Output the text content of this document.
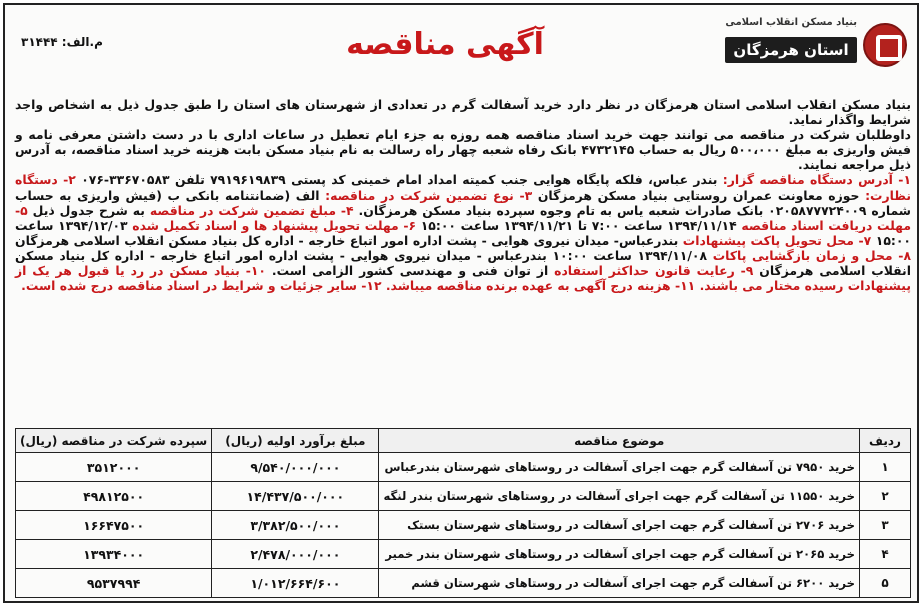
بنیاد مسکن انقلاب اسلامی
استان هرمزگان
آگهی مناقصه
م.الف: ۳۱۴۴۴

بنیاد مسکن انقلاب اسلامی استان هرمزگان در نظر دارد خرید آسفالت گرم در تعدادی از شهرستان های استان را طبق جدول ذیل به اشخاص واجد شرایط واگذار نماید.

داوطلبان شرکت در مناقصه می توانند جهت خرید اسناد مناقصه همه روزه به جزء ایام تعطیل در ساعات اداری با در دست داشتن معرفی نامه و فیش واریزی به مبلغ ۵۰۰،۰۰۰ ریال به حساب ۴۷۳۲۱۴۵ بانک رفاه شعبه چهار راه رسالت به نام بنیاد مسکن بابت هزینه خرید اسناد مناقصه، به آدرس ذیل مراجعه نمایند.

۱- آدرس دستگاه مناقصه گزار: بندر عباس، فلکه پایگاه هوایی جنب کمیته امداد امام خمینی کد پستی ۷۹۱۹۶۱۹۸۳۹ تلفن ۳۳۶۷۰۵۸۳-۰۷۶ ۲- دستگاه نظارت: حوزه معاونت عمران روستایی بنیاد مسکن هرمزگان ۳- نوع تضمین شرکت در مناقصه: الف (ضمانتنامه بانکی ب (فیش واریزی به حساب شماره ۰۲۰۵۸۷۷۷۲۴۰۰۹ بانک صادرات شعبه یاس به تام وجوه سپرده بنیاد مسکن هرمزگان. ۴- مبلغ تضمین شرکت در مناقصه به شرح جدول ذیل ۵- مهلت دریافت اسناد مناقصه ۱۳۹۴/۱۱/۱۴ ساعت ۷:۰۰ تا ۱۳۹۴/۱۱/۲۱ ساعت ۱۵:۰۰ ۶- مهلت تحویل پیشنهاد ها و اسناد تکمیل شده ۱۳۹۴/۱۲/۰۳ ساعت ۱۵:۰۰ ۷- محل تحویل پاکت پیشنهادات بندرعباس- میدان نیروی هوایی - پشت اداره امور اتباع خارجه - اداره کل بنیاد مسکن انقلاب اسلامی هرمزگان ۸- محل و زمان بازگشایی پاکات ۱۳۹۴/۱۱/۰۸ ساعت ۱۰:۰۰ بندرعباس - میدان نیروی هوایی - پشت اداره امور اتباع خارجه - اداره کل بنیاد مسکن انقلاب اسلامی هرمزگان ۹- رعایت قانون حداکثر استفاده از توان فنی و مهندسی کشور الزامی است. ۱۰- بنیاد مسکن در رد یا قبول هر یک از پیشنهادات رسیده مختار می باشند. ۱۱- هزینه درج آگهی به عهده برنده مناقصه میباشد. ۱۲- سایر جزئیات و شرایط در اسناد مناقصه درج شده است.

ردیف	موضوع مناقصه	مبلغ برآورد اولیه (ریال)	سپرده شرکت در مناقصه (ریال)
۱	خرید ۷۹۵۰ تن آسفالت گرم جهت اجرای آسفالت در روستاهای شهرستان بندرعباس	۹/۵۴۰/۰۰۰/۰۰۰	۳۵۱۲۰۰۰
۲	خرید ۱۱۵۵۰ تن آسفالت گرم جهت اجرای آسفالت در روستاهای شهرستان بندر لنگه	۱۴/۴۳۷/۵۰۰/۰۰۰	۴۹۸۱۲۵۰۰
۳	خرید ۲۷۰۶ تن آسفالت گرم جهت اجرای آسفالت در روستاهای شهرستان بستک	۳/۳۸۲/۵۰۰/۰۰۰	۱۶۶۴۷۵۰۰
۴	خرید ۲۰۶۵ تن آسفالت گرم جهت اجرای آسفالت در روستاهای شهرستان بندر خمیر	۲/۴۷۸/۰۰۰/۰۰۰	۱۳۹۳۴۰۰۰
۵	خرید ۶۲۰۰ تن آسفالت گرم جهت اجرای آسفالت در روستاهای شهرستان قشم	۱/۰۱۲/۶۶۴/۶۰۰	۹۵۳۷۹۹۴
